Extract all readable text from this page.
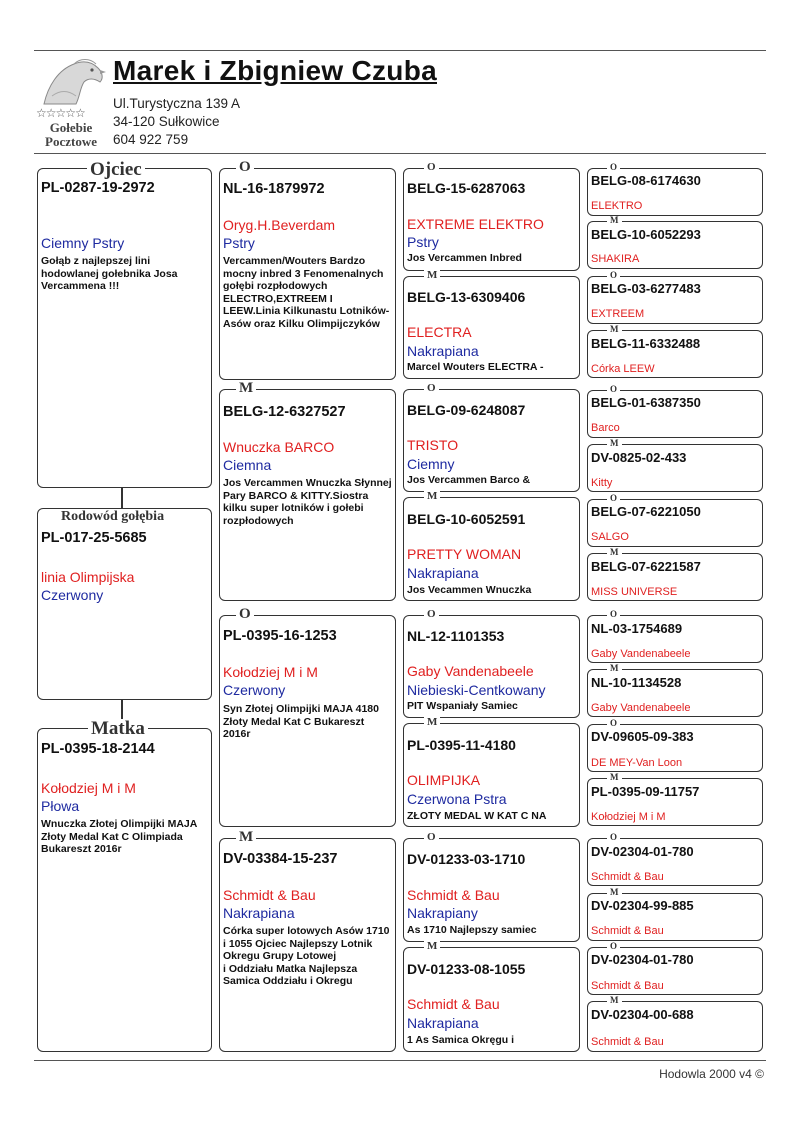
☆☆☆☆☆
Gołebie
Pocztowe
Marek i Zbigniew Czuba
Ul.Turystyczna 139 A
34-120 Sułkowice
604 922 759
PL-0287-19-2972
Ciemny Pstry
Gołąb z najlepszej lini hodowlanej gołebnika Josa Vercammena !!!
Ojciec
PL-017-25-5685
linia Olimpijska
Czerwony
Rodowód gołębia
PL-0395-18-2144
Kołodziej M i M
Płowa
Wnuczka Złotej Olimpijki MAJA Złoty Medal Kat C Olimpiada Bukareszt 2016r
Matka
NL-16-1879972
Oryg.H.Beverdam
Pstry
Vercammen/Wouters Bardzo mocny inbred 3 Fenomenalnych gołębi rozpłodowych ELECTRO,EXTREEM I LEEW.Linia Kilkunastu Lotników-Asów oraz Kilku Olimpijczyków
O
BELG-12-6327527
Wnuczka BARCO
Ciemna
Jos Vercammen Wnuczka Słynnej Pary BARCO & KITTY.Siostra kilku super lotników i gołebi rozpłodowych
M
PL-0395-16-1253
Kołodziej M i M
Czerwony
Syn Złotej Olimpijki MAJA 4180 Złoty Medal Kat C Bukareszt 2016r
O
DV-03384-15-237
Schmidt & Bau
Nakrapiana
Córka super lotowych Asów 1710 i 1055 Ojciec Najlepszy Lotnik Okregu Grupy Lotowej
i Oddziału Matka Najlepsza Samica Oddziału i Okregu
M
BELG-15-6287063
EXTREME ELEKTRO
Pstry
Jos Vercammen Inbred
O
BELG-13-6309406
ELECTRA
Nakrapiana
Marcel Wouters ELECTRA -
M
BELG-09-6248087
TRISTO
Ciemny
Jos Vercammen Barco &
O
BELG-10-6052591
PRETTY WOMAN
Nakrapiana
Jos Vecammen Wnuczka
M
NL-12-1101353
Gaby Vandenabeele
Niebieski-Centkowany
PIT Wspaniały Samiec
O
PL-0395-11-4180
OLIMPIJKA
Czerwona Pstra
ZŁOTY MEDAL W KAT C NA
M
DV-01233-03-1710
Schmidt & Bau
Nakrapiany
As 1710 Najlepszy samiec
O
DV-01233-08-1055
Schmidt & Bau
Nakrapiana
1 As Samica Okręgu i
M
BELG-08-6174630
ELEKTRO
O
BELG-10-6052293
SHAKIRA
M
BELG-03-6277483
EXTREEM
O
BELG-11-6332488
Córka LEEW
M
BELG-01-6387350
Barco
O
DV-0825-02-433
Kitty
M
BELG-07-6221050
SALGO
O
BELG-07-6221587
MISS UNIVERSE
M
NL-03-1754689
Gaby Vandenabeele
O
NL-10-1134528
Gaby Vandenabeele
M
DV-09605-09-383
DE MEY-Van Loon
O
PL-0395-09-11757
Kołodziej M i M
M
DV-02304-01-780
Schmidt & Bau
O
DV-02304-99-885
Schmidt & Bau
M
DV-02304-01-780
Schmidt & Bau
O
DV-02304-00-688
Schmidt & Bau
M
Hodowla 2000 v4 ©
